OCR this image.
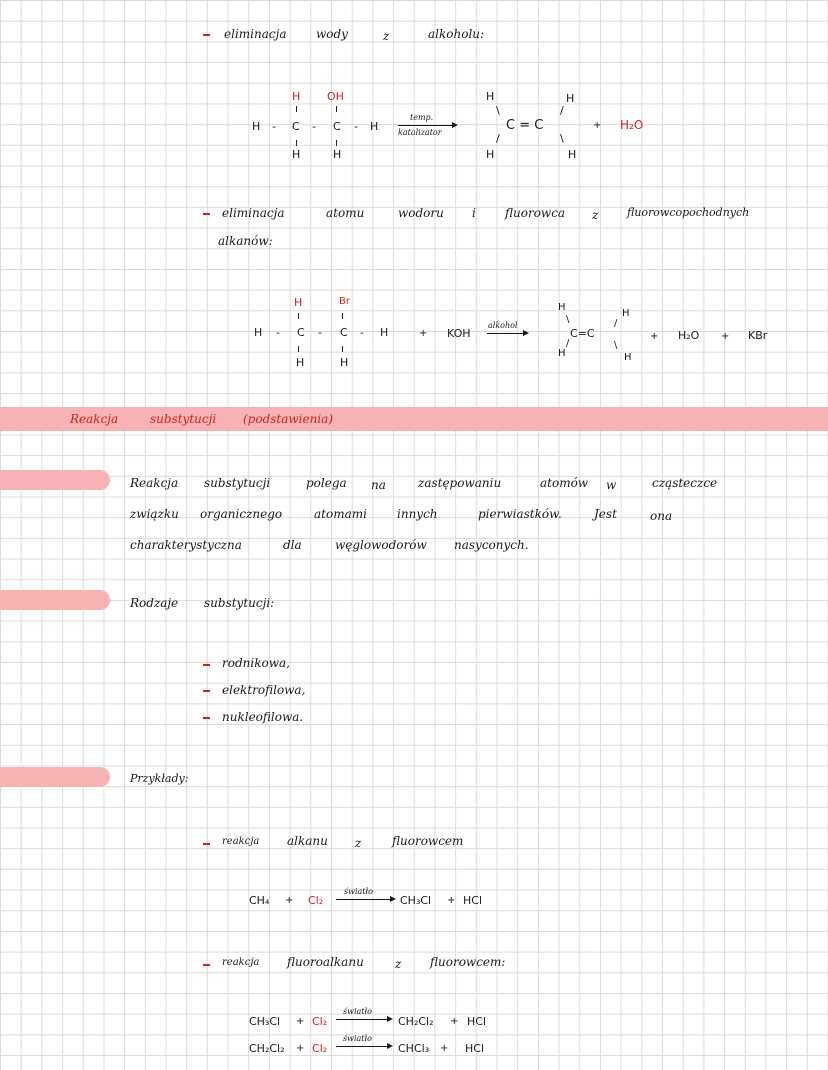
eliminacja wody	z	alkoholu:
H OH
ı	ı
H - C - C - H
ı	ı
H	H
temp.
katalizator
H	H
\	/
C = C
/	\
H	H
+ H₂O
eliminacja	atomu	wodoru i fluorowca z	fluorowcopochodnych
alkanów:
H	Br
ı	ı
H - C - C - H
ı	ı
H	H
+ KOH
alkohol
H
H
\	/
C=C
/	\
H	H
+ H₂O + KBr
Reakcja	substytucji (podstawienia)
Reakcja substytucji	polega na	zastępowaniu	atomów w	cząsteczce
związku organicznego	atomami	innych	pierwiastków.	Jest	ona
charakterystyczna	dla	węglowodorów nasyconych.
Rodzaje substytucji:
rodnikowa,
elektrofilowa,
nukleofilowa.
Przykłady:
reakcja alkanu z	fluorowcem
CH₄ + Cl₂
światło
→ CH₃Cl + HCl
reakcja fluoroalkanu	z fluorowcem:
CH₃Cl + Cl₂
światło
→ CH₂Cl₂ + HCl
CH₂Cl₂ + Cl₂
światło
→ CHCl₃ + HCl
